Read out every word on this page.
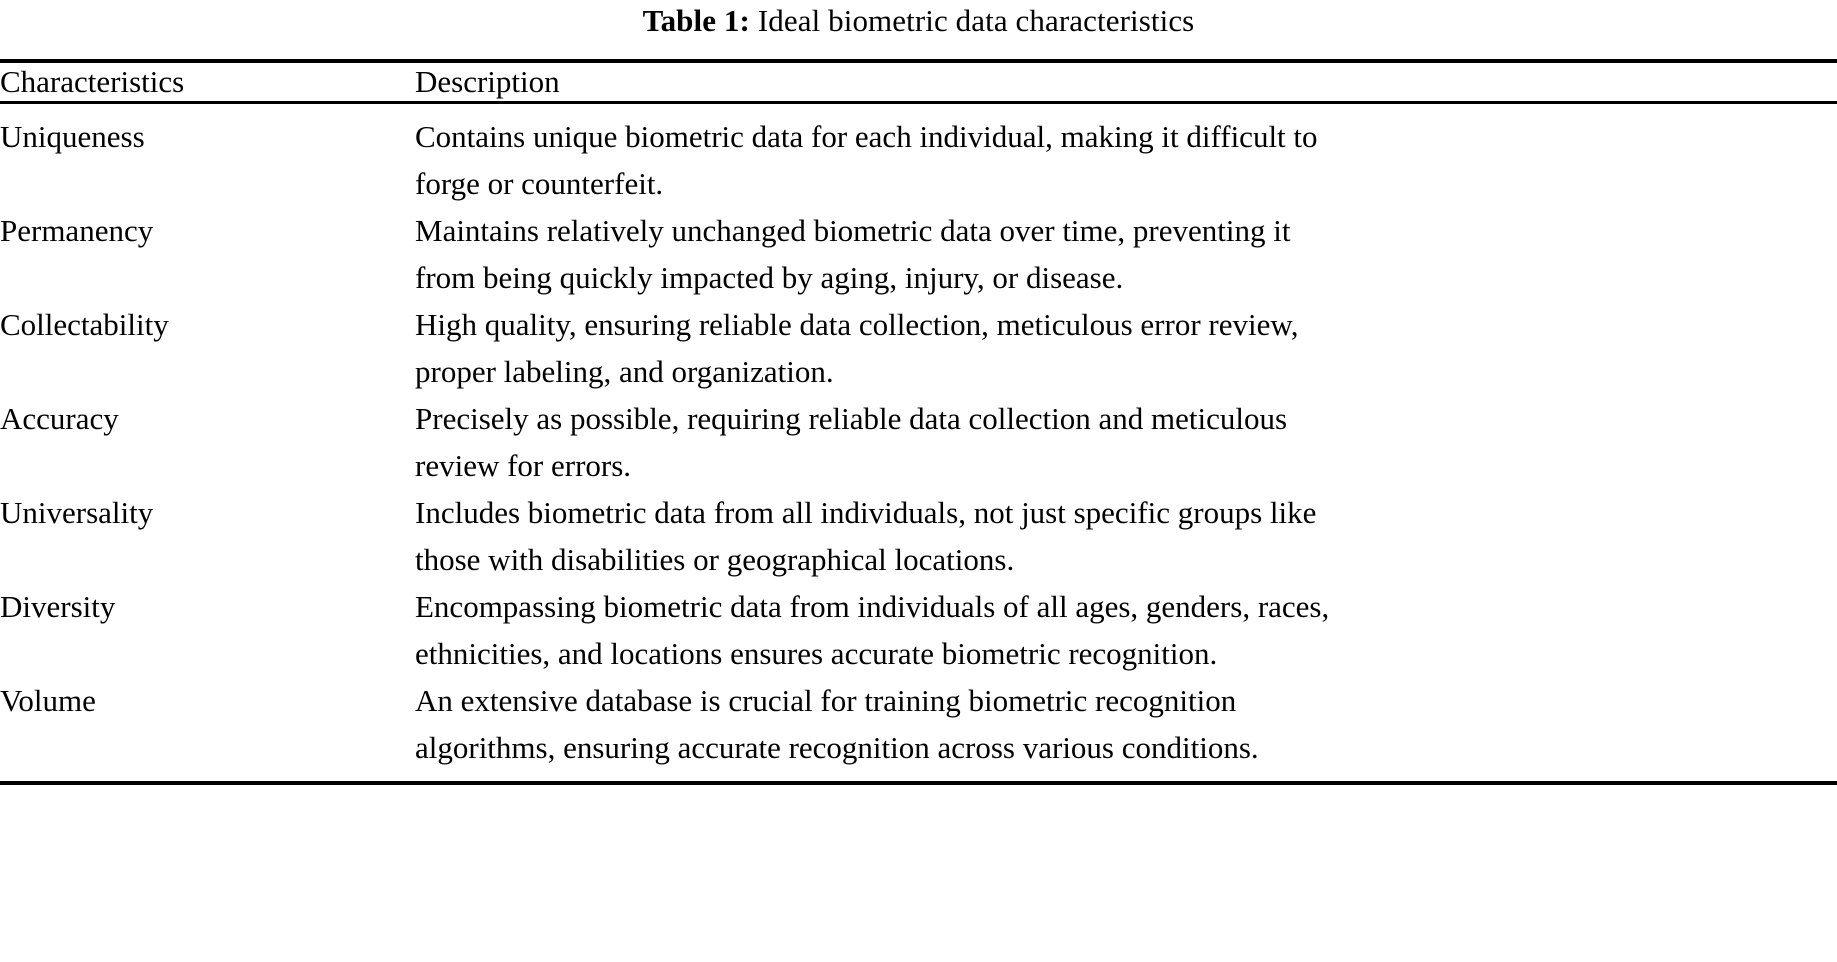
Table 1: Ideal biometric data characteristics
Characteristics	Description
Uniqueness	Contains unique biometric data for each individual, making it difficult to
forge or counterfeit.

Permanency	Maintains relatively unchanged biometric data over time, preventing it
from being quickly impacted by aging, injury, or disease.

Collectability	High quality, ensuring reliable data collection, meticulous error review,
proper labeling, and organization.

Accuracy	Precisely as possible, requiring reliable data collection and meticulous
review for errors.

Universality	Includes biometric data from all individuals, not just specific groups like
those with disabilities or geographical locations.

Diversity	Encompassing biometric data from individuals of all ages, genders, races,
ethnicities, and locations ensures accurate biometric recognition.

Volume	An extensive database is crucial for training biometric recognition
algorithms, ensuring accurate recognition across various conditions.
